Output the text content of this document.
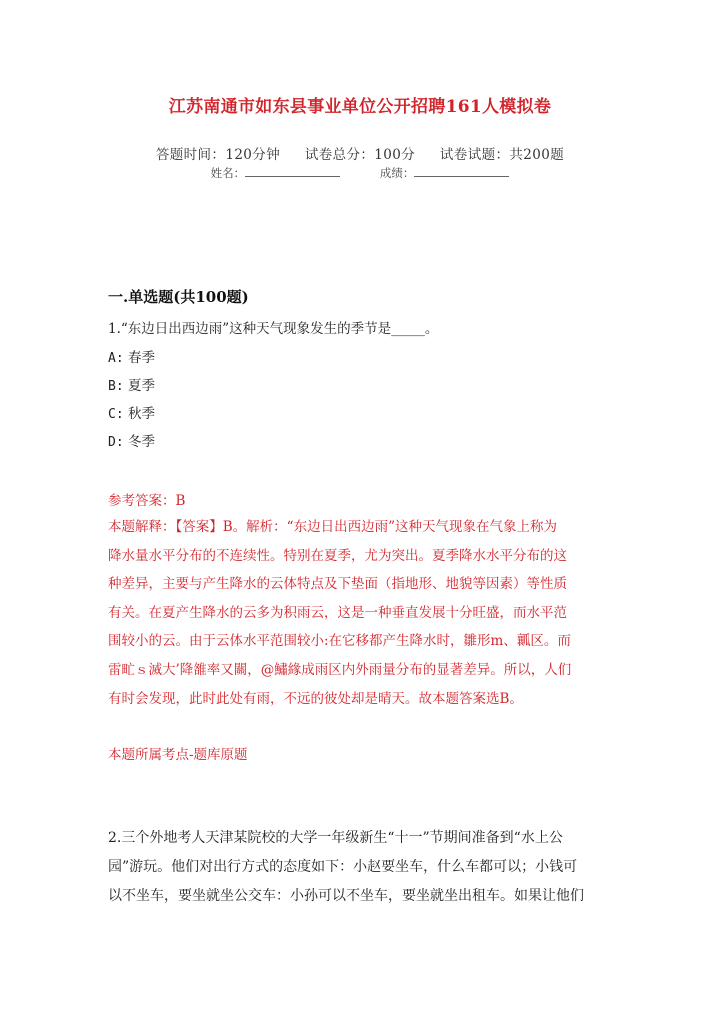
江苏南通市如东县事业单位公开招聘161人模拟卷
答题时间：120分钟 试卷总分：100分 试卷试题：共200题
姓名：	成绩：
一.单选题(共100题)
1.“东边日出西边雨”这种天气现象发生的季节是_____。
A: 春季
B: 夏季
C: 秋季
D: 冬季
参考答案：B
本题解释：【答案】B。解析：“东边日出西边雨”这种天气现象在气象上称为
降水量水平分布的不连续性。特别在夏季，尤为突出。夏季降水水平分布的这
种差异，主要与产生降水的云体特点及下垫面（指地形、地貌等因素）等性质
有关。在夏产生降水的云多为积雨云，这是一种垂直发展十分旺盛，而水平范
围较小的云。由于云体水平范围较小:在它移都产生降水时，雛形m、瓤区。而
雷甿ｓ滅大’降雒率又關，@鱐緣成雨区内外雨量分布的显著差异。所以，人们
有时会发现，此时此处有雨，不远的彼处却是晴天。故本题答案选B。
本题所属考点-题库原题
2.三个外地考人天津某院校的大学一年级新生“十一”节期间准备到“水上公
园”游玩。他们对出行方式的态度如下：小赵要坐车，什么车都可以；小钱可
以不坐车，要坐就坐公交车：小孙可以不坐车，要坐就坐出租车。如果让他们
